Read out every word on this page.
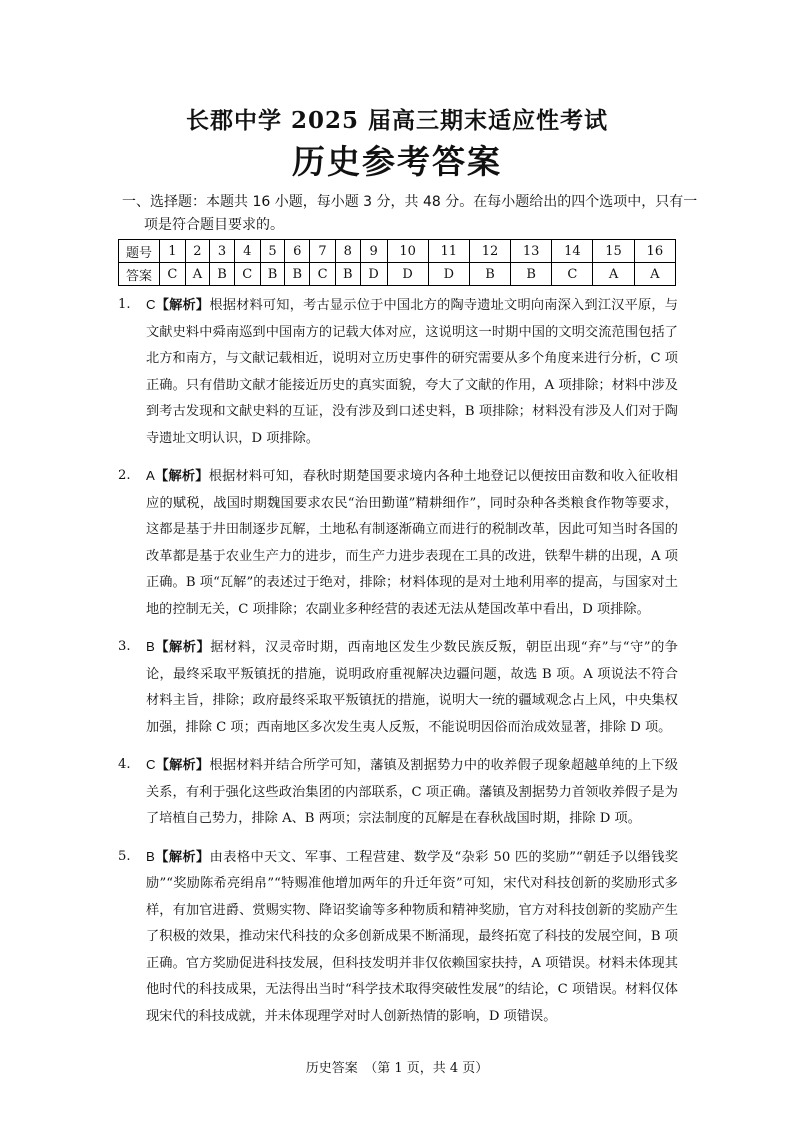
长郡中学 2025 届高三期末适应性考试
历史参考答案
一、选择题：本题共 16 小题，每小题 3 分，共 48 分。在每小题给出的四个选项中，只有一项是符合题目要求的。
题号	1	2	3	4	5	6	7	8	9	10	11	12	13	14	15	16
答案	C	A	B	C	B	B	C	B	D	D	D	B	B	C	A	A
1. C【解析】根据材料可知，考古显示位于中国北方的陶寺遗址文明向南深入到江汉平原，与文献史料中舜南巡到中国南方的记载大体对应，这说明这一时期中国的文明交流范围包括了北方和南方，与文献记载相近，说明对立历史事件的研究需要从多个角度来进行分析，C 项正确。只有借助文献才能接近历史的真实面貌，夸大了文献的作用，A 项排除；材料中涉及到考古发现和文献史料的互证，没有涉及到口述史料，B 项排除；材料没有涉及人们对于陶寺遗址文明认识，D 项排除。
2. A【解析】根据材料可知，春秋时期楚国要求境内各种土地登记以便按田亩数和收入征收相应的赋税，战国时期魏国要求农民“治田勤谨”精耕细作”，同时杂种各类粮食作物等要求，这都是基于井田制逐步瓦解，土地私有制逐渐确立而进行的税制改革，因此可知当时各国的改革都是基于农业生产力的进步，而生产力进步表现在工具的改进，铁犁牛耕的出现，A 项正确。B 项“瓦解”的表述过于绝对，排除；材料体现的是对土地利用率的提高，与国家对土地的控制无关，C 项排除；农副业多种经营的表述无法从楚国改革中看出，D 项排除。
3. B【解析】据材料，汉灵帝时期，西南地区发生少数民族反叛，朝臣出现“弃”与“守”的争论，最终采取平叛镇抚的措施，说明政府重视解决边疆问题，故选 B 项。A 项说法不符合材料主旨，排除；政府最终采取平叛镇抚的措施，说明大一统的疆域观念占上风，中央集权加强，排除 C 项；西南地区多次发生夷人反叛，不能说明因俗而治成效显著，排除 D 项。
4. C【解析】根据材料并结合所学可知，藩镇及割据势力中的收养假子现象超越单纯的上下级关系，有利于强化这些政治集团的内部联系，C 项正确。藩镇及割据势力首领收养假子是为了培植自己势力，排除 A、B 两项；宗法制度的瓦解是在春秋战国时期，排除 D 项。
5. B【解析】由表格中天文、军事、工程营建、数学及“杂彩 50 匹的奖励”“朝廷予以缗钱奖励”“奖励陈希亮绢帛”“特赐准他增加两年的升迁年资”可知，宋代对科技创新的奖励形式多样，有加官进爵、赏赐实物、降诏奖谕等多种物质和精神奖励，官方对科技创新的奖励产生了积极的效果，推动宋代科技的众多创新成果不断涌现，最终拓宽了科技的发展空间，B 项正确。官方奖励促进科技发展，但科技发明并非仅依赖国家扶持，A 项错误。材料未体现其他时代的科技成果，无法得出当时“科学技术取得突破性发展”的结论，C 项错误。材料仅体现宋代的科技成就，并未体现理学对时人创新热情的影响，D 项错误。
历史答案　（第 1 页，共 4 页）
